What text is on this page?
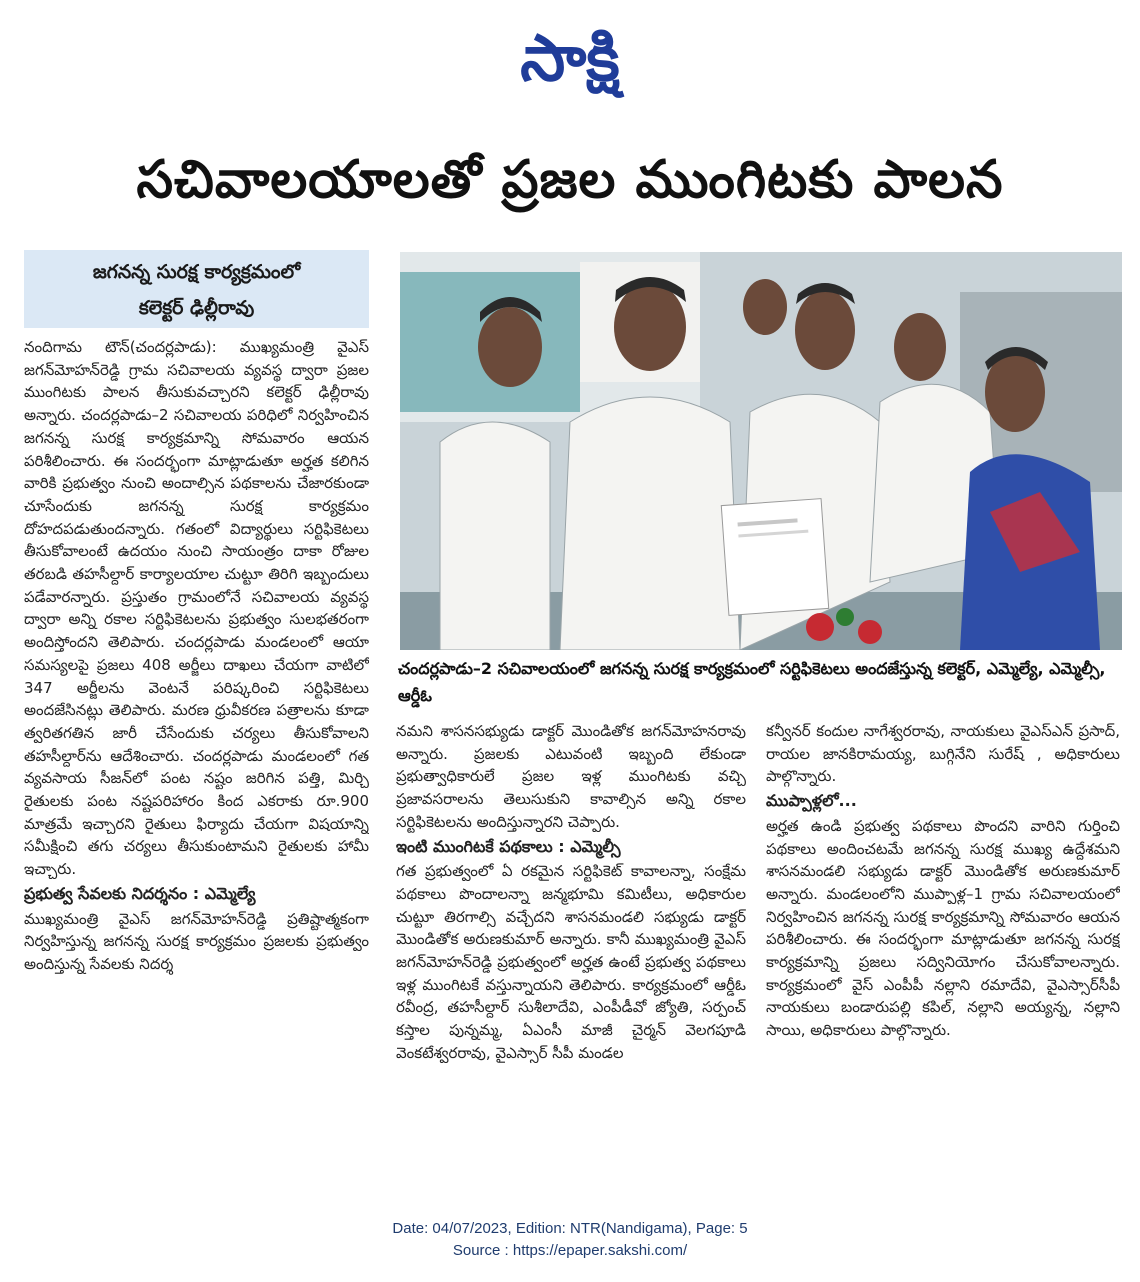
సాక్షి
సచివాలయాలతో ప్రజల ముంగిటకు పాలన
జగనన్న సురక్ష కార్యక్రమంలో
కలెక్టర్ ఢిల్లీరావు

నందిగామ టౌన్(చందర్లపాడు): ముఖ్యమంత్రి వైఎస్ జగన్‌మోహన్‌రెడ్డి గ్రామ సచివాలయ వ్యవస్థ ద్వారా ప్రజల ముంగిటకు పాలన తీసుకువచ్చారని కలెక్టర్ ఢిల్లీరావు అన్నారు. చందర్లపాడు–2 సచివాలయ పరిధిలో నిర్వహించిన జగనన్న సురక్ష కార్యక్రమాన్ని సోమవారం ఆయన పరిశీలించారు. ఈ సందర్భంగా మాట్లాడుతూ అర్హత కలిగిన వారికి ప్రభుత్వం నుంచి అందాల్సిన పథకాలను చేజారకుండా చూసేందుకు జగనన్న సురక్ష కార్యక్రమం దోహదపడుతుందన్నారు. గతంలో విద్యార్థులు సర్టిఫికెటలు తీసుకోవాలంటే ఉదయం నుంచి సాయంత్రం దాకా రోజుల తరబడి తహసీల్దార్ కార్యాలయాల చుట్టూ తిరిగి ఇబ్బందులు పడేవారన్నారు. ప్రస్తుతం గ్రామంలోనే సచివాలయ వ్యవస్థ ద్వారా అన్ని రకాల సర్టిఫికెటలను ప్రభుత్వం సులభతరంగా అందిస్తోందని తెలిపారు. చందర్లపాడు మండలంలో ఆయా సమస్యలపై ప్రజలు 408 అర్జీలు దాఖలు చేయగా వాటిలో 347 అర్జీలను వెంటనే పరిష్కరించి సర్టిఫికెటలు అందజేసినట్లు తెలిపారు. మరణ ధ్రువీకరణ పత్రాలను కూడా త్వరితగతిన జారీ చేసేందుకు చర్యలు తీసుకోవాలని తహసీల్దార్‌ను ఆదేశించారు. చందర్లపాడు మండలంలో గత వ్యవసాయ సీజన్‌లో పంట నష్టం జరిగిన పత్తి, మిర్చి రైతులకు పంట నష్టపరిహారం కింద ఎకరాకు రూ.900 మాత్రమే ఇచ్చారని రైతులు ఫిర్యాదు చేయగా విషయాన్ని సమీక్షించి తగు చర్యలు తీసుకుంటామని రైతులకు హామీ ఇచ్చారు.

ప్రభుత్వ సేవలకు నిదర్శనం : ఎమ్మెల్యే

ముఖ్యమంత్రి వైఎస్ జగన్‌మోహన్‌రెడ్డి ప్రతిష్టాత్మకంగా నిర్వహిస్తున్న జగనన్న సురక్ష కార్యక్రమం ప్రజలకు ప్రభుత్వం అందిస్తున్న సేవలకు నిదర్శ

చందర్లపాడు–2 సచివాలయంలో జగనన్న సురక్ష కార్యక్రమంలో సర్టిఫికెటలు అందజేస్తున్న కలెక్టర్, ఎమ్మెల్యే, ఎమ్మెల్సీ, ఆర్డీఓ

నమని శాసనసభ్యుడు డాక్టర్ మొండితోక జగన్‌మోహనరావు అన్నారు. ప్రజలకు ఎటువంటి ఇబ్బంది లేకుండా ప్రభుత్వాధికారులే ప్రజల ఇళ్ల ముంగిటకు వచ్చి ప్రజావసరాలను తెలుసుకుని కావాల్సిన అన్ని రకాల సర్టిఫికెటలను అందిస్తున్నారని చెప్పారు.

ఇంటి ముంగిటకే పథకాలు : ఎమ్మెల్సీ

గత ప్రభుత్వంలో ఏ రకమైన సర్టిఫికెట్ కావాలన్నా, సంక్షేమ పథకాలు పొందాలన్నా జన్మభూమి కమిటీలు, అధికారుల చుట్టూ తిరగాల్సి వచ్చేదని శాసనమండలి సభ్యుడు డాక్టర్ మొండితోక అరుణకుమార్ అన్నారు. కానీ ముఖ్యమంత్రి వైఎస్ జగన్‌మోహన్‌రెడ్డి ప్రభుత్వంలో అర్హత ఉంటే ప్రభుత్వ పథకాలు ఇళ్ల ముంగిటకే వస్తున్నాయని తెలిపారు. కార్యక్రమంలో ఆర్డీఓ రవీంద్ర, తహసీల్దార్ సుశీలాదేవి, ఎంపీడీవో జ్యోతి, సర్పంచ్ కస్తాల పున్నమ్మ, ఏఎంసీ మాజీ చైర్మన్ వెలగపూడి వెంకటేశ్వరరావు, వైఎస్సార్ సీపీ మండల

కన్వీనర్ కందుల నాగేశ్వరరావు, నాయకులు వైఎస్ఎన్ ప్రసాద్, రాయల జానకిరామయ్య, బుగ్గినేని సురేష్ , అధికారులు పాల్గొన్నారు.

ముప్పాళ్లలో...

అర్హత ఉండి ప్రభుత్వ పథకాలు పొందని వారిని గుర్తించి పథకాలు అందించటమే జగనన్న సురక్ష ముఖ్య ఉద్దేశమని శాసనమండలి సభ్యుడు డాక్టర్ మొండితోక అరుణకుమార్ అన్నారు. మండలంలోని ముప్పాళ్ల–1 గ్రామ సచివాలయంలో నిర్వహించిన జగనన్న సురక్ష కార్యక్రమాన్ని సోమవారం ఆయన పరిశీలించారు. ఈ సందర్భంగా మాట్లాడుతూ జగనన్న సురక్ష కార్యక్రమాన్ని ప్రజలు సద్వినియోగం చేసుకోవాలన్నారు. కార్యక్రమంలో వైస్ ఎంపీపీ నల్లాని రమాదేవి, వైఎస్సార్‌సీపీ నాయకులు బండారుపల్లి కపిల్, నల్లాని అయ్యన్న, నల్లాని సాయి, అధికారులు పాల్గొన్నారు.

Date: 04/07/2023, Edition: NTR(Nandigama), Page: 5
Source : https://epaper.sakshi.com/
